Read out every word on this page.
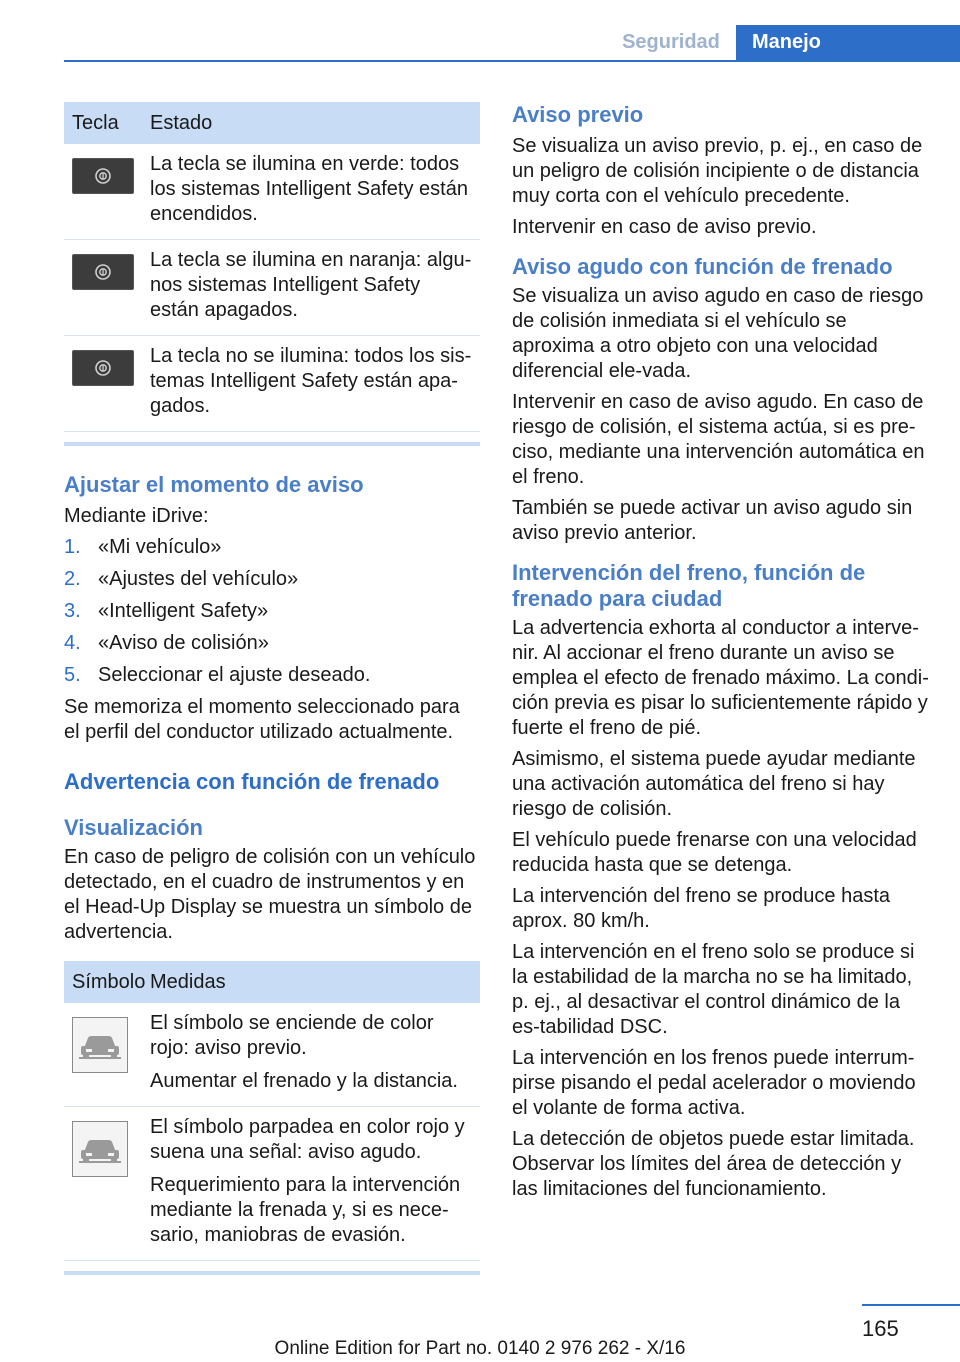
Seguridad	Manejo
Tecla	Estado
La tecla se ilumina en verde: todos los sistemas Intelligent Safety están encendidos.
La tecla se ilumina en naranja: algu-nos sistemas Intelligent Safety están apagados.
La tecla no se ilumina: todos los sis-temas Intelligent Safety están apa-gados.
Ajustar el momento de aviso

Mediante iDrive:

1. «Mi vehículo»
2. «Ajustes del vehículo»
3. «Intelligent Safety»
4. «Aviso de colisión»
5. Seleccionar el ajuste deseado.

Se memoriza el momento seleccionado para el perfil del conductor utilizado actualmente.

Advertencia con función de frenado
Visualización

En caso de peligro de colisión con un vehículo detectado, en el cuadro de instrumentos y en el Head-Up Display se muestra un símbolo de advertencia.

Símbolo Medidas

El símbolo se enciende de color rojo: aviso previo.

Aumentar el frenado y la distancia.

El símbolo parpadea en color rojo y suena una señal: aviso agudo.

Requerimiento para la intervención mediante la frenada y, si es nece-sario, maniobras de evasión.

Aviso previo

Se visualiza un aviso previo, p. ej., en caso de un peligro de colisión incipiente o de distancia muy corta con el vehículo precedente.

Intervenir en caso de aviso previo.

Aviso agudo con función de frenado

Se visualiza un aviso agudo en caso de riesgo de colisión inmediata si el vehículo se aproxima a otro objeto con una velocidad diferencial ele-vada.

Intervenir en caso de aviso agudo. En caso de riesgo de colisión, el sistema actúa, si es pre-ciso, mediante una intervención automática en el freno.

También se puede activar un aviso agudo sin aviso previo anterior.

Intervención del freno, función de frenado para ciudad

La advertencia exhorta al conductor a interve-nir. Al accionar el freno durante un aviso se emplea el efecto de frenado máximo. La condi-ción previa es pisar lo suficientemente rápido y fuerte el freno de pié.

Asimismo, el sistema puede ayudar mediante una activación automática del freno si hay riesgo de colisión.

El vehículo puede frenarse con una velocidad reducida hasta que se detenga.

La intervención del freno se produce hasta aprox. 80 km/h.

La intervención en el freno solo se produce si la estabilidad de la marcha no se ha limitado, p. ej., al desactivar el control dinámico de la es-tabilidad DSC.

La intervención en los frenos puede interrum-pirse pisando el pedal acelerador o moviendo el volante de forma activa.

La detección de objetos puede estar limitada. Observar los límites del área de detección y las limitaciones del funcionamiento.

165
Online Edition for Part no. 0140 2 976 262 - X/16
